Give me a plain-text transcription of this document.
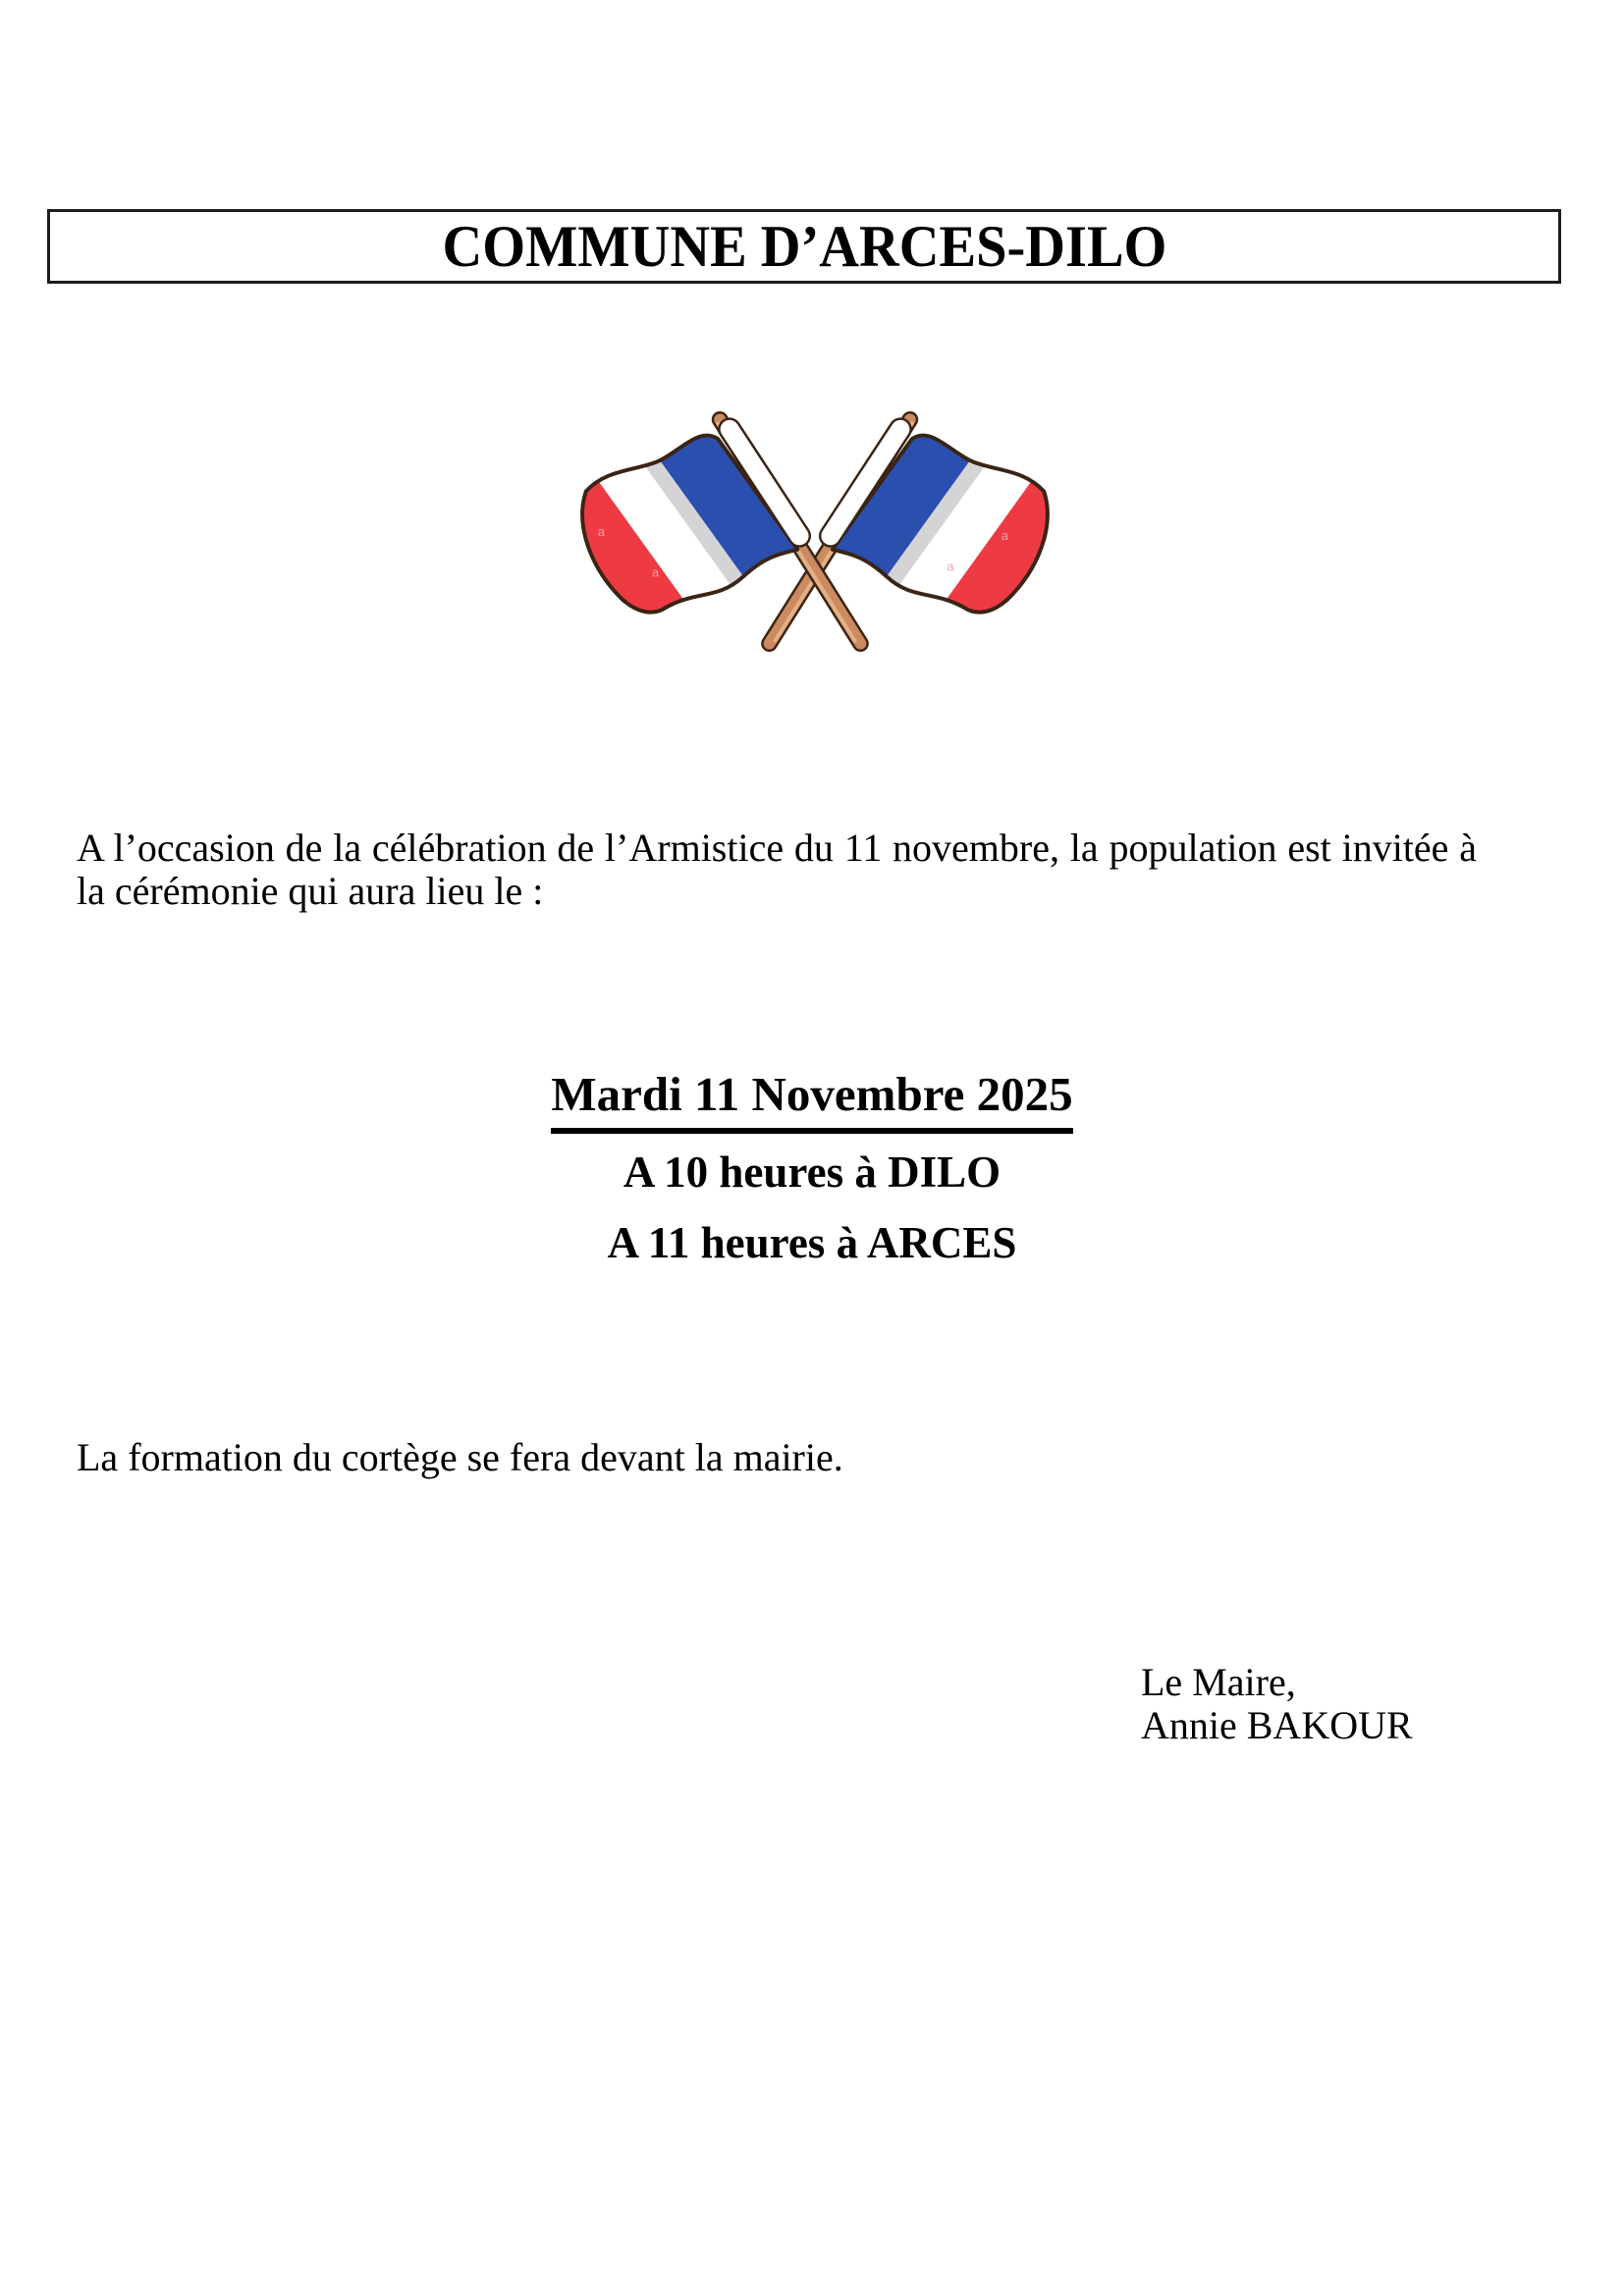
COMMUNE D’ARCES-DILO
a
a
a
a

A l’occasion de la célébration de l’Armistice du 11 novembre, la population est invitée à la cérémonie qui aura lieu le :

Mardi 11 Novembre 2025
A 10 heures à DILO
A 11 heures à ARCES

La formation du cortège se fera devant la mairie.

Le Maire,
Annie BAKOUR
